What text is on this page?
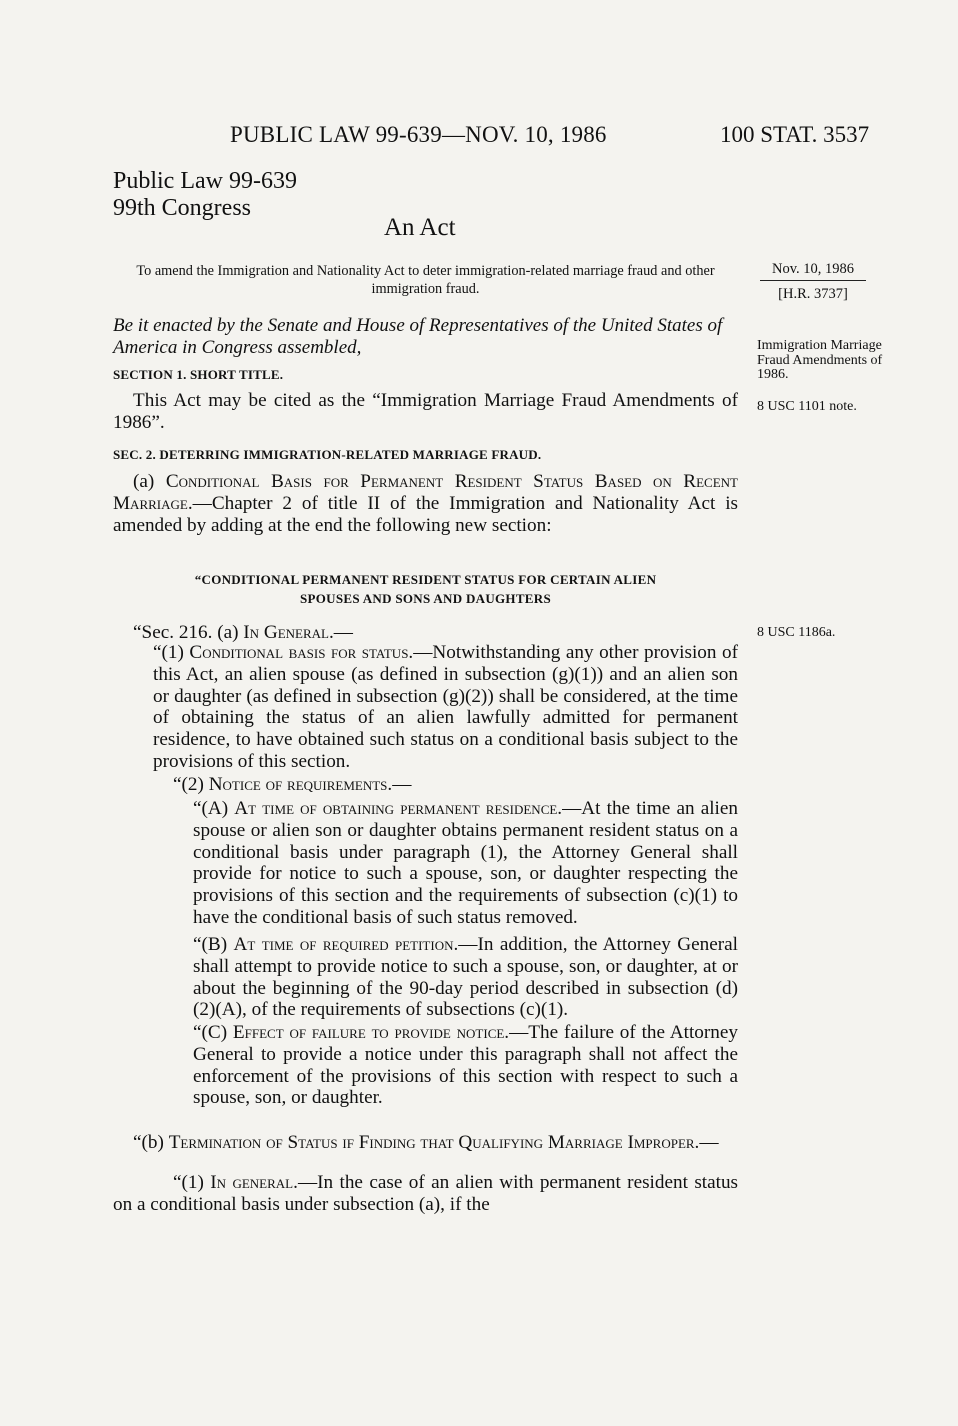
PUBLIC LAW 99-639—NOV. 10, 1986	100 STAT. 3537
Public Law 99-639
99th Congress
An Act
To amend the Immigration and Nationality Act to deter immigration-related marriage fraud and other immigration fraud.
Be it enacted by the Senate and House of Representatives of the United States of America in Congress assembled,
SECTION 1. SHORT TITLE.
This Act may be cited as the “Immigration Marriage Fraud Amendments of 1986”.
SEC. 2. DETERRING IMMIGRATION-RELATED MARRIAGE FRAUD.
(a) Conditional Basis for Permanent Resident Status Based on Recent Marriage.—Chapter 2 of title II of the Immigration and Nationality Act is amended by adding at the end the following new section:
“CONDITIONAL PERMANENT RESIDENT STATUS FOR CERTAIN ALIEN
SPOUSES AND SONS AND DAUGHTERS
“Sec. 216. (a) In General.—
“(1) Conditional basis for status.—Notwithstanding any other provision of this Act, an alien spouse (as defined in subsection (g)(1)) and an alien son or daughter (as defined in subsection (g)(2)) shall be considered, at the time of obtaining the status of an alien lawfully admitted for permanent residence, to have obtained such status on a conditional basis subject to the provisions of this section.
“(2) Notice of requirements.—
“(A) At time of obtaining permanent residence.—At the time an alien spouse or alien son or daughter obtains permanent resident status on a conditional basis under paragraph (1), the Attorney General shall provide for notice to such a spouse, son, or daughter respecting the provisions of this section and the requirements of subsection (c)(1) to have the conditional basis of such status removed.
“(B) At time of required petition.—In addition, the Attorney General shall attempt to provide notice to such a spouse, son, or daughter, at or about the beginning of the 90-day period described in subsection (d)(2)(A), of the requirements of subsections (c)(1).
“(C) Effect of failure to provide notice.—The failure of the Attorney General to provide a notice under this paragraph shall not affect the enforcement of the provisions of this section with respect to such a spouse, son, or daughter.
“(b) Termination of Status if Finding that Qualifying Marriage Improper.—
“(1) In general.—In the case of an alien with permanent resident status on a conditional basis under subsection (a), if the
Nov. 10, 1986
[H.R. 3737]
Immigration Marriage Fraud Amendments of 1986.
8 USC 1101 note.
8 USC 1186a.
